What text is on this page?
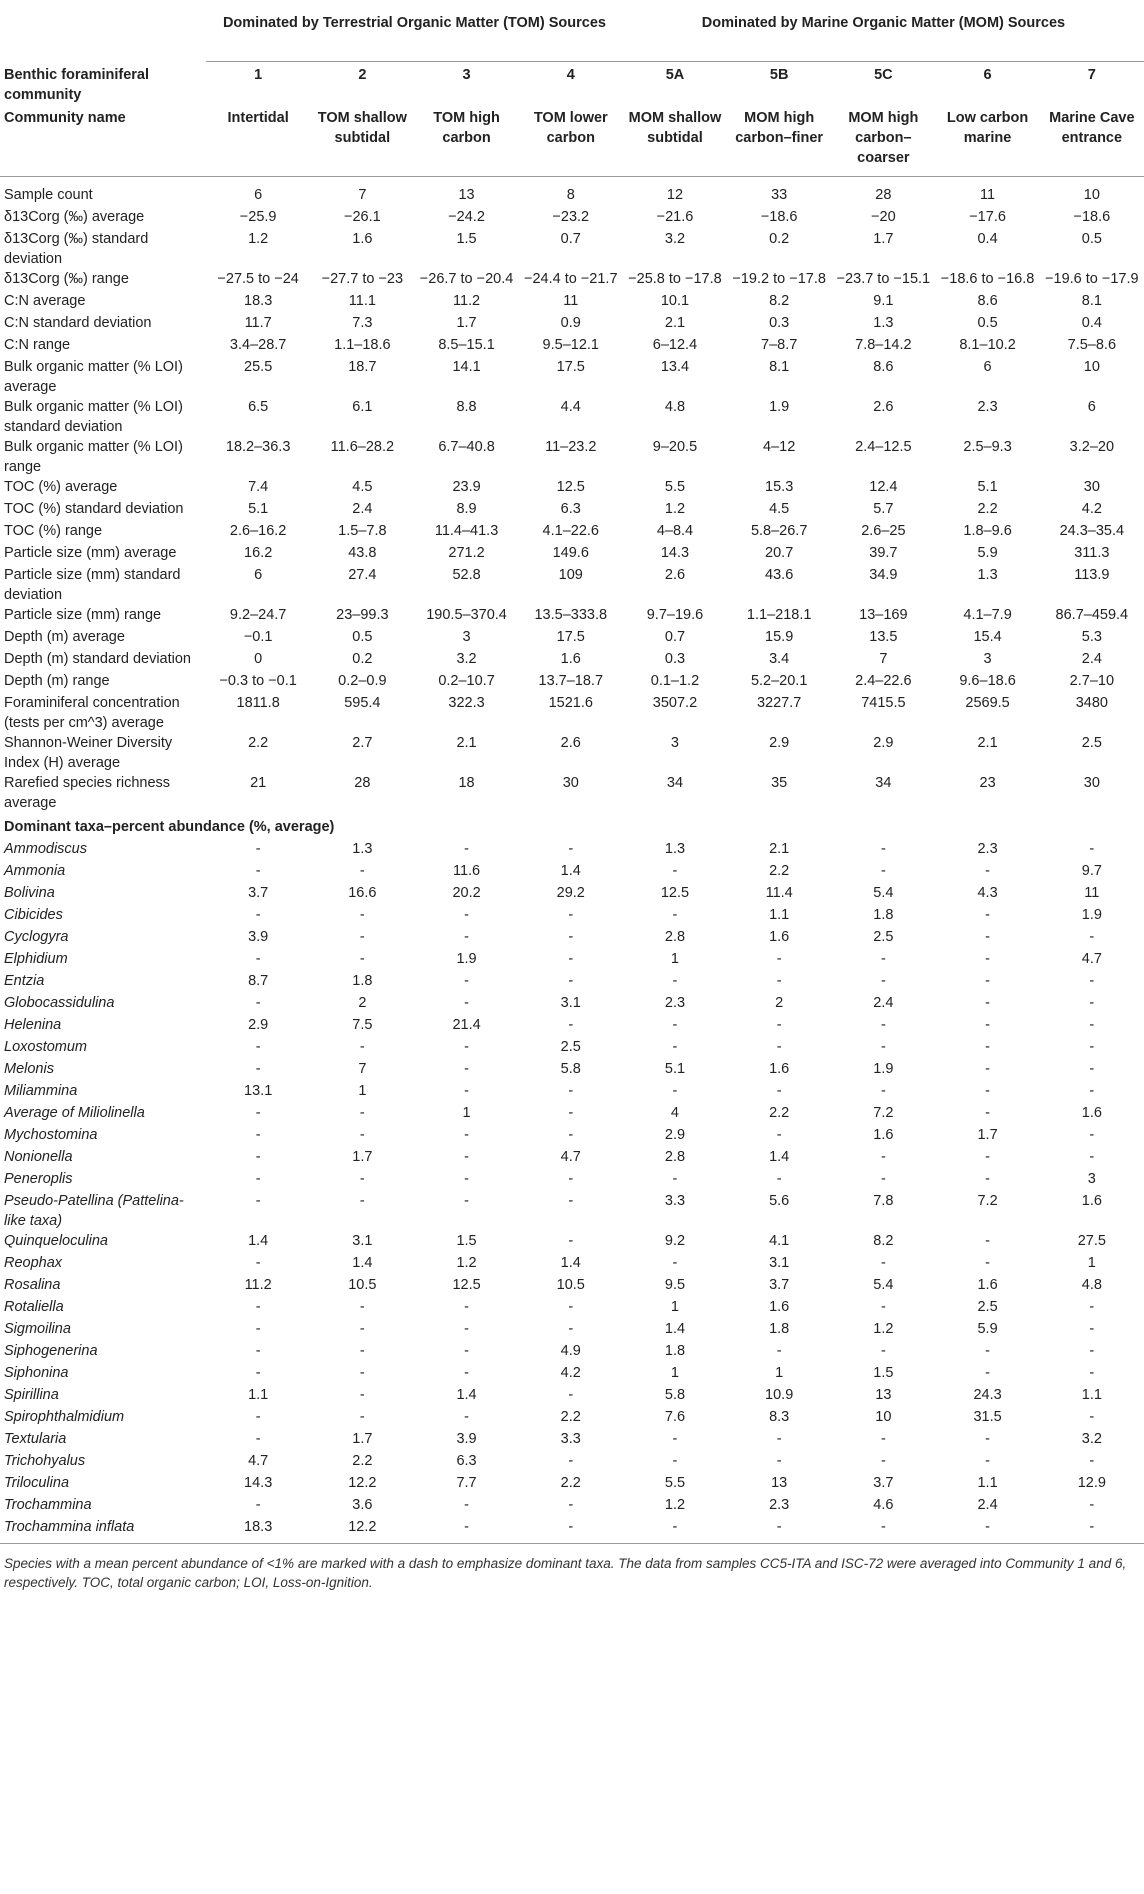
	Dominated by Terrestrial Organic Matter (TOM) Sources				Dominated by Marine Organic Matter (MOM) Sources				
Benthic foraminiferal community	1	2	3	4	5A	5B	5C	6	7
Community name	Intertidal	TOM shallow subtidal	TOM high carbon	TOM lower carbon	MOM shallow subtidal	MOM high carbon–finer	MOM high carbon–coarser	Low carbon marine	Marine Cave entrance
Sample count	6	7	13	8	12	33	28	11	10
δ13Corg (‰) average	−25.9	−26.1	−24.2	−23.2	−21.6	−18.6	−20	−17.6	−18.6
δ13Corg (‰) standard deviation	1.2	1.6	1.5	0.7	3.2	0.2	1.7	0.4	0.5
δ13Corg (‰) range	−27.5 to −24	−27.7 to −23	−26.7 to −20.4	−24.4 to −21.7	−25.8 to −17.8	−19.2 to −17.8	−23.7 to −15.1	−18.6 to −16.8	−19.6 to −17.9
C:N average	18.3	11.1	11.2	11	10.1	8.2	9.1	8.6	8.1
C:N standard deviation	11.7	7.3	1.7	0.9	2.1	0.3	1.3	0.5	0.4
C:N range	3.4–28.7	1.1–18.6	8.5–15.1	9.5–12.1	6–12.4	7–8.7	7.8–14.2	8.1–10.2	7.5–8.6
Bulk organic matter (% LOI) average	25.5	18.7	14.1	17.5	13.4	8.1	8.6	6	10
Bulk organic matter (% LOI) standard deviation	6.5	6.1	8.8	4.4	4.8	1.9	2.6	2.3	6
Bulk organic matter (% LOI) range	18.2–36.3	11.6–28.2	6.7–40.8	11–23.2	9–20.5	4–12	2.4–12.5	2.5–9.3	3.2–20
TOC (%) average	7.4	4.5	23.9	12.5	5.5	15.3	12.4	5.1	30
TOC (%) standard deviation	5.1	2.4	8.9	6.3	1.2	4.5	5.7	2.2	4.2
TOC (%) range	2.6–16.2	1.5–7.8	11.4–41.3	4.1–22.6	4–8.4	5.8–26.7	2.6–25	1.8–9.6	24.3–35.4
Particle size (mm) average	16.2	43.8	271.2	149.6	14.3	20.7	39.7	5.9	311.3
Particle size (mm) standard deviation	6	27.4	52.8	109	2.6	43.6	34.9	1.3	113.9
Particle size (mm) range	9.2–24.7	23–99.3	190.5–370.4	13.5–333.8	9.7–19.6	1.1–218.1	13–169	4.1–7.9	86.7–459.4
Depth (m) average	−0.1	0.5	3	17.5	0.7	15.9	13.5	15.4	5.3
Depth (m) standard deviation	0	0.2	3.2	1.6	0.3	3.4	7	3	2.4
Depth (m) range	−0.3 to −0.1	0.2–0.9	0.2–10.7	13.7–18.7	0.1–1.2	5.2–20.1	2.4–22.6	9.6–18.6	2.7–10
Foraminiferal concentration (tests per cm^3) average	1811.8	595.4	322.3	1521.6	3507.2	3227.7	7415.5	2569.5	3480
Shannon-Weiner Diversity Index (H) average	2.2	2.7	2.1	2.6	3	2.9	2.9	2.1	2.5
Rarefied species richness average	21	28	18	30	34	35	34	23	30
Dominant taxa–percent abundance (%, average)									
Ammodiscus	-	1.3	-	-	1.3	2.1	-	2.3	-
Ammonia	-	-	11.6	1.4	-	2.2	-	-	9.7
Bolivina	3.7	16.6	20.2	29.2	12.5	11.4	5.4	4.3	11
Cibicides	-	-	-	-	-	1.1	1.8	-	1.9
Cyclogyra	3.9	-	-	-	2.8	1.6	2.5	-	-
Elphidium	-	-	1.9	-	1	-	-	-	4.7
Entzia	8.7	1.8	-	-	-	-	-	-	-
Globocassidulina	-	2	-	3.1	2.3	2	2.4	-	-
Helenina	2.9	7.5	21.4	-	-	-	-	-	-
Loxostomum	-	-	-	2.5	-	-	-	-	-
Melonis	-	7	-	5.8	5.1	1.6	1.9	-	-
Miliammina	13.1	1	-	-	-	-	-	-	-
Average of Miliolinella	-	-	1	-	4	2.2	7.2	-	1.6
Mychostomina	-	-	-	-	2.9	-	1.6	1.7	-
Nonionella	-	1.7	-	4.7	2.8	1.4	-	-	-
Peneroplis	-	-	-	-	-	-	-	-	3
Pseudo-Patellina (Pattelina-like taxa)	-	-	-	-	3.3	5.6	7.8	7.2	1.6
Quinqueloculina	1.4	3.1	1.5	-	9.2	4.1	8.2	-	27.5
Reophax	-	1.4	1.2	1.4	-	3.1	-	-	1
Rosalina	11.2	10.5	12.5	10.5	9.5	3.7	5.4	1.6	4.8
Rotaliella	-	-	-	-	1	1.6	-	2.5	-
Sigmoilina	-	-	-	-	1.4	1.8	1.2	5.9	-
Siphogenerina	-	-	-	4.9	1.8	-	-	-	-
Siphonina	-	-	-	4.2	1	1	1.5	-	-
Spirillina	1.1	-	1.4	-	5.8	10.9	13	24.3	1.1
Spirophthalmidium	-	-	-	2.2	7.6	8.3	10	31.5	-
Textularia	-	1.7	3.9	3.3	-	-	-	-	3.2
Trichohyalus	4.7	2.2	6.3	-	-	-	-	-	-
Triloculina	14.3	12.2	7.7	2.2	5.5	13	3.7	1.1	12.9
Trochammina	-	3.6	-	-	1.2	2.3	4.6	2.4	-
Trochammina inflata	18.3	12.2	-	-	-	-	-	-	-
Species with a mean percent abundance of <1% are marked with a dash to emphasize dominant taxa. The data from samples CC5-ITA and ISC-72 were averaged into Community 1 and 6, respectively. TOC, total organic carbon; LOI, Loss-on-Ignition.
